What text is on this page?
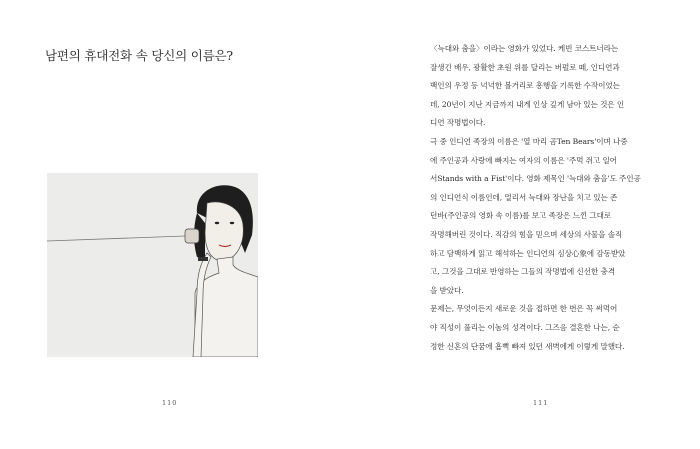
남편의 휴대전화 속 당신의 이름은?
110
〈늑대와 춤을〉이라는 영화가 있었다. 케빈 코스트너라는
잘생긴 배우, 광활한 초원 위를 달리는 버펄로 떼, 인디언과
백인의 우정 등 넉넉한 볼거리로 흥행을 기록한 수작이었는
데, 20년이 지난 지금까지 내게 인상 깊게 남아 있는 것은 인
디언 작명법이다.
극 중 인디언 족장의 이름은 '열 마리 곰Ten Bears'이며 나중
에 주인공과 사랑에 빠지는 여자의 이름은 '주먹 쥐고 일어
서Stands with a Fist'이다. 영화 제목인 '늑대와 춤을'도 주인공
의 인디언식 이름인데, 멀리서 늑대와 장난을 치고 있는 존
던바(주인공의 영화 속 이름)를 보고 족장은 느낀 그대로
작명해버린 것이다. 직감의 힘을 믿으며 세상의 사물을 솔직
하고 담백하게 읽고 해석하는 인디언의 심상心象에 감동받았
고, 그것을 그대로 반영하는 그들의 작명법에 신선한 충격
을 받았다.
문제는, 무엇이든지 새로운 것을 접하면 한 번은 꼭 써먹어
야 직성이 풀리는 이놈의 성격이다. 그즈음 결혼한 나는, 순
정한 신혼의 단꿈에 흠뻑 빠져 있던 새벽에게 이렇게 말했다.
111
